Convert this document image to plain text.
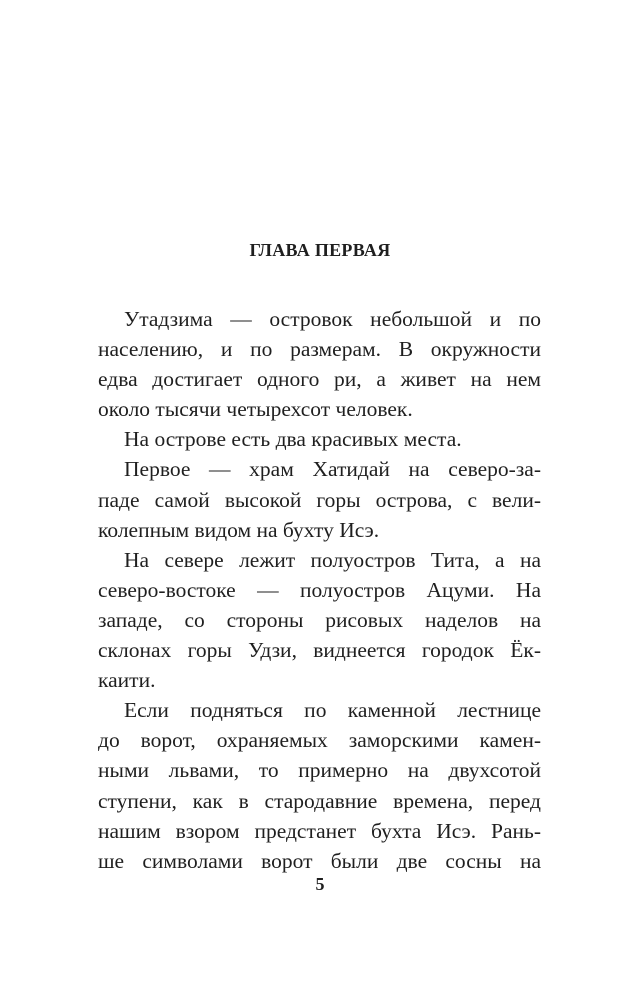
ГЛАВА ПЕРВАЯ
Утадзима — островок небольшой и по
населению, и по размерам. В окружности
едва достигает одного ри, а живет на нем
около тысячи четырехсот человек.
На острове есть два красивых места.
Первое — храм Хатидай на северо-за-
паде самой высокой горы острова, с вели-
колепным видом на бухту Исэ.
На севере лежит полуостров Тита, а на
северо-востоке — полуостров Ацуми. На
западе, со стороны рисовых наделов на
склонах горы Удзи, виднеется городок Ёк-
каити.
Если подняться по каменной лестнице
до ворот, охраняемых заморскими камен-
ными львами, то примерно на двухсотой
ступени, как в стародавние времена, перед
нашим взором предстанет бухта Исэ. Рань-
ше символами ворот были две сосны на
5
